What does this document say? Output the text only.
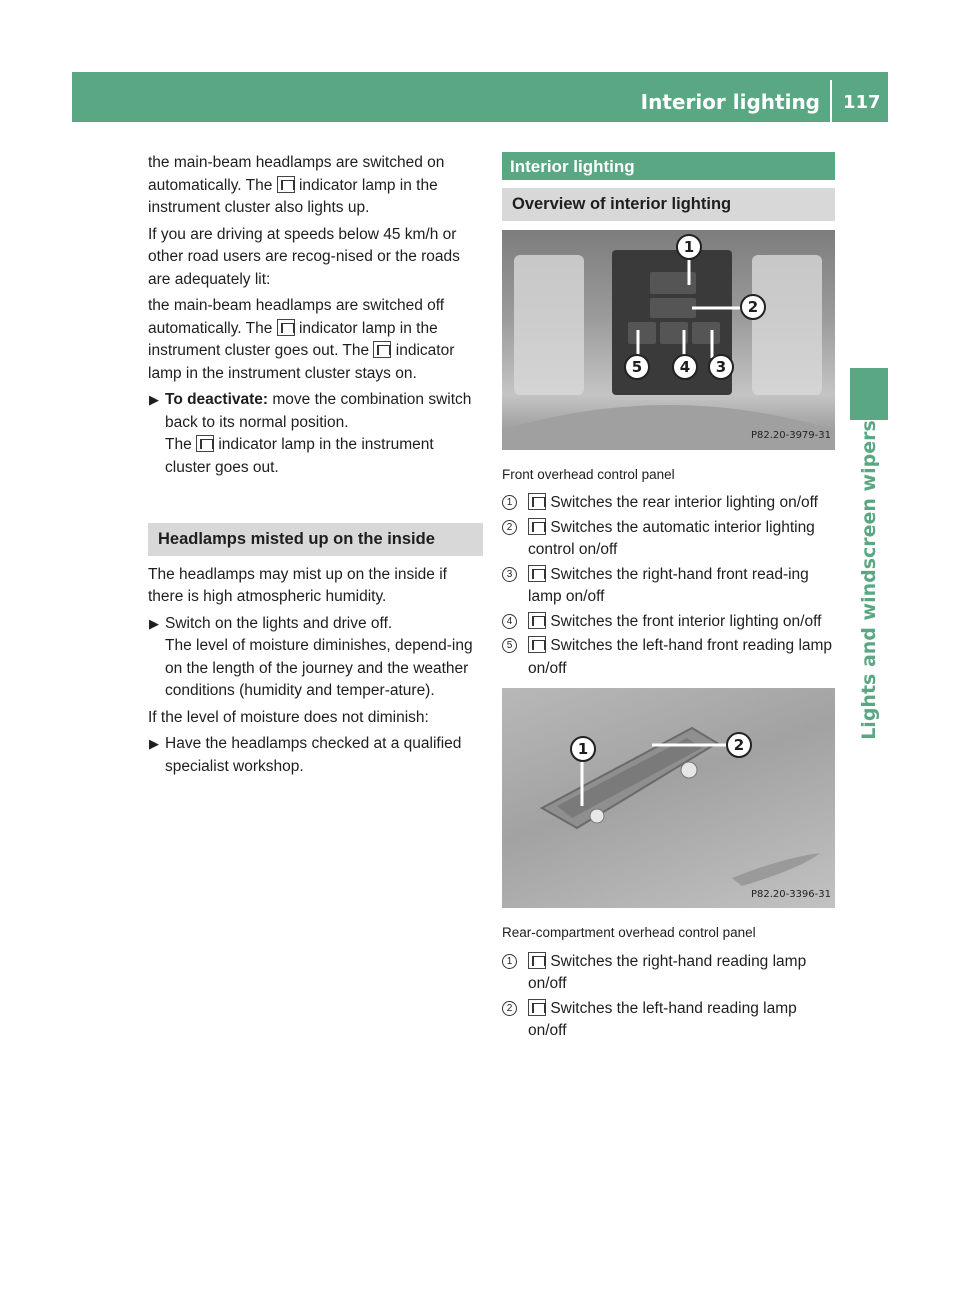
Interior lighting 117
Lights and windscreen wipers

the main-beam headlamps are switched on automatically. The indicator lamp in the instrument cluster also lights up.

If you are driving at speeds below 45 km/h or other road users are recog-nised or the roads are adequately lit:

the main-beam headlamps are switched off automatically. The indicator lamp in the instrument cluster goes out. The indicator lamp in the instrument cluster stays on.

▶ To deactivate: move the combination switch back to its normal position.
The indicator lamp in the instrument cluster goes out.
Headlamps misted up on the inside

The headlamps may mist up on the inside if there is high atmospheric humidity.

▶ Switch on the lights and drive off.
The level of moisture diminishes, depend-ing on the length of the journey and the weather conditions (humidity and temper-ature).

If the level of moisture does not diminish:

▶ Have the headlamps checked at a qualified specialist workshop.
Interior lighting
Overview of interior lighting
1
2
3
4
5
P82.20-3979-31
Front overhead control panel
1	Switches the rear interior lighting on/off
2	Switches the automatic interior lighting control on/off
3	Switches the right-hand front read-ing lamp on/off
4	Switches the front interior lighting on/off
5	Switches the left-hand front reading lamp on/off
1	2
P82.20-3396-31
Rear-compartment overhead control panel
1	Switches the right-hand reading lamp on/off
2	Switches the left-hand reading lamp on/off
